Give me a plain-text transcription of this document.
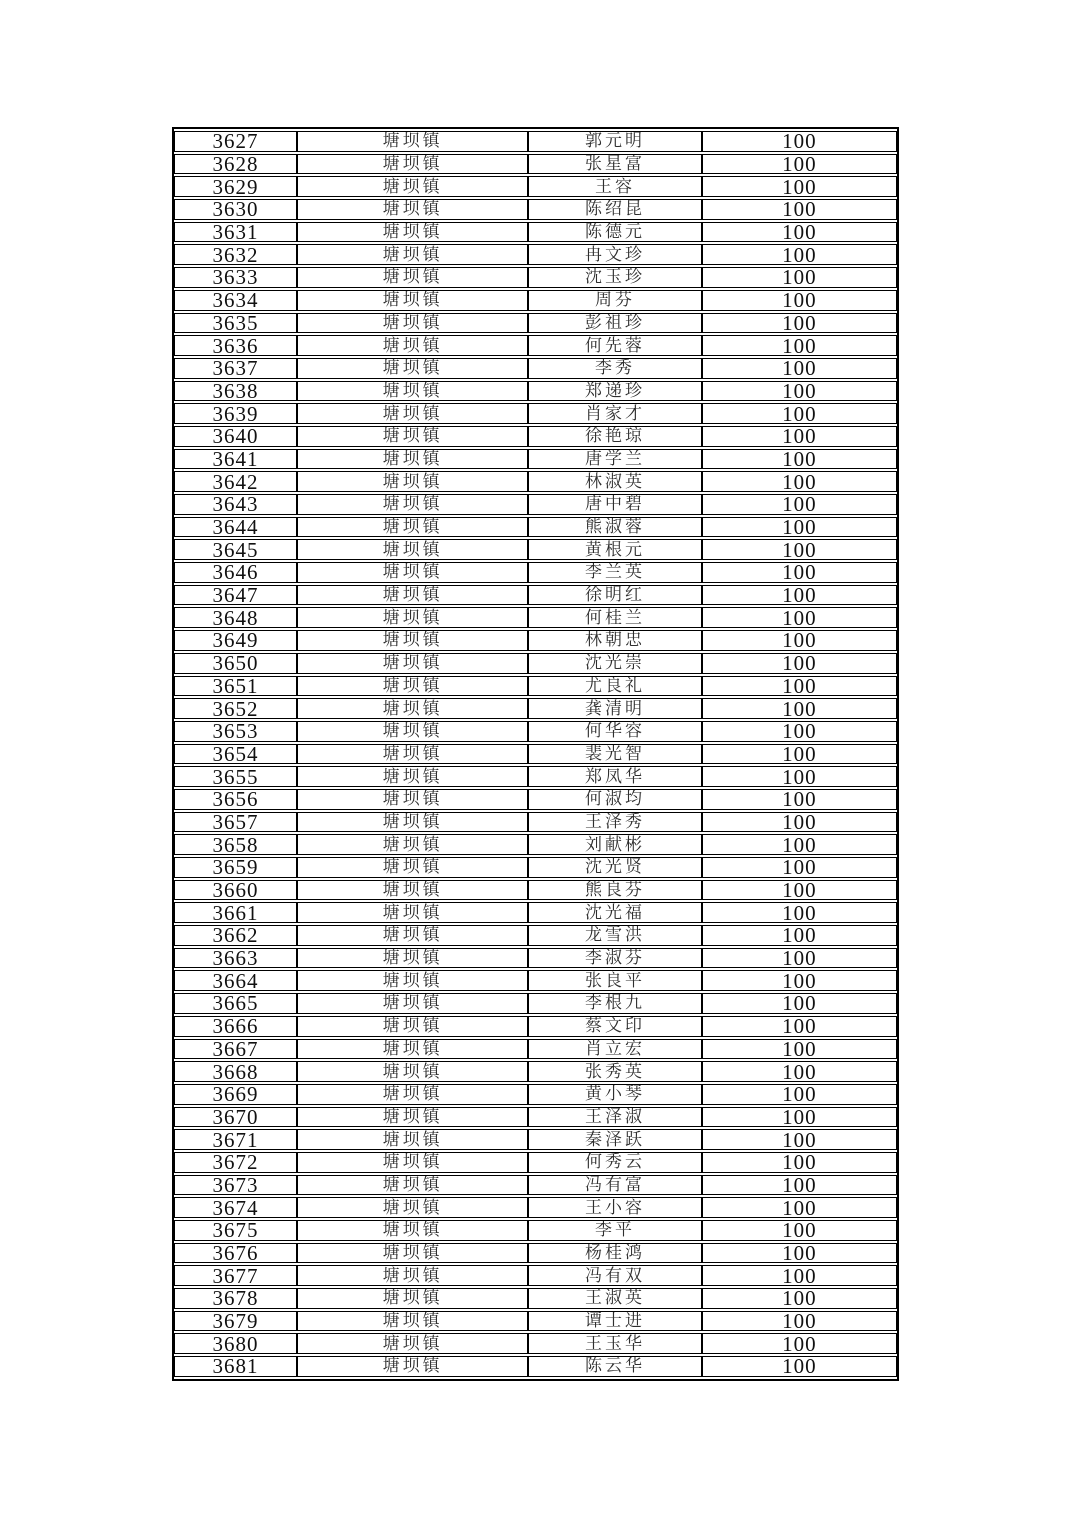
3627	塘坝镇	郭元明	100
3628	塘坝镇	张星富	100
3629	塘坝镇	王容	100
3630	塘坝镇	陈绍昆	100
3631	塘坝镇	陈德元	100
3632	塘坝镇	冉文珍	100
3633	塘坝镇	沈玉珍	100
3634	塘坝镇	周芬	100
3635	塘坝镇	彭祖珍	100
3636	塘坝镇	何先蓉	100
3637	塘坝镇	李秀	100
3638	塘坝镇	郑递珍	100
3639	塘坝镇	肖家才	100
3640	塘坝镇	徐艳琼	100
3641	塘坝镇	唐学兰	100
3642	塘坝镇	林淑英	100
3643	塘坝镇	唐中碧	100
3644	塘坝镇	熊淑蓉	100
3645	塘坝镇	黄根元	100
3646	塘坝镇	李兰英	100
3647	塘坝镇	徐明红	100
3648	塘坝镇	何桂兰	100
3649	塘坝镇	林朝忠	100
3650	塘坝镇	沈光崇	100
3651	塘坝镇	尤良礼	100
3652	塘坝镇	龚清明	100
3653	塘坝镇	何华容	100
3654	塘坝镇	裴光智	100
3655	塘坝镇	郑凤华	100
3656	塘坝镇	何淑均	100
3657	塘坝镇	王泽秀	100
3658	塘坝镇	刘献彬	100
3659	塘坝镇	沈光贤	100
3660	塘坝镇	熊良芬	100
3661	塘坝镇	沈光福	100
3662	塘坝镇	龙雪洪	100
3663	塘坝镇	李淑芬	100
3664	塘坝镇	张良平	100
3665	塘坝镇	李根九	100
3666	塘坝镇	蔡文印	100
3667	塘坝镇	肖立宏	100
3668	塘坝镇	张秀英	100
3669	塘坝镇	黄小琴	100
3670	塘坝镇	王泽淑	100
3671	塘坝镇	秦泽跃	100
3672	塘坝镇	何秀云	100
3673	塘坝镇	冯有富	100
3674	塘坝镇	王小容	100
3675	塘坝镇	李平	100
3676	塘坝镇	杨桂鸿	100
3677	塘坝镇	冯有双	100
3678	塘坝镇	王淑英	100
3679	塘坝镇	谭士进	100
3680	塘坝镇	王玉华	100
3681	塘坝镇	陈云华	100
